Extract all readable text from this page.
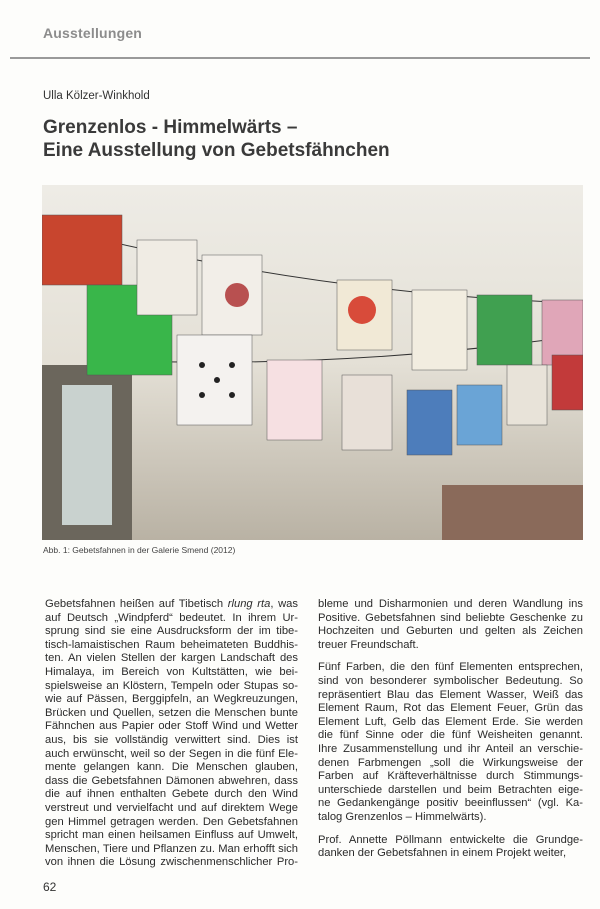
Ausstellungen
Ulla Kölzer-Winkhold
Grenzenlos - Himmelwärts –
Eine Ausstellung von Gebetsfähnchen
Abb. 1: Gebetsfahnen in der Galerie Smend (2012)
Gebetsfahnen heißen auf Tibetisch rlung rta, was
auf Deutsch „Windpferd“ bedeutet. In ihrem Ur-
sprung sind sie eine Ausdrucksform der im tibe-
tisch-lamaistischen Raum beheimateten Buddhis-
ten. An vielen Stellen der kargen Landschaft des
Himalaya, im Bereich von Kultstätten, wie bei-
spielsweise an Klöstern, Tempeln oder Stupas so-
wie auf Pässen, Berggipfeln, an Wegkreuzungen,
Brücken und Quellen, setzen die Menschen bunte
Fähnchen aus Papier oder Stoff Wind und Wetter
aus, bis sie vollständig verwittert sind. Dies ist
auch erwünscht, weil so der Segen in die fünf Ele-
mente gelangen kann. Die Menschen glauben,
dass die Gebetsfahnen Dämonen abwehren, dass
die auf ihnen enthalten Gebete durch den Wind
verstreut und vervielfacht und auf direktem Wege
gen Himmel getragen werden. Den Gebetsfahnen
spricht man einen heilsamen Einfluss auf Umwelt,
Menschen, Tiere und Pflanzen zu. Man erhofft sich
von ihnen die Lösung zwischenmenschlicher Pro-
bleme und Disharmonien und deren Wandlung ins
Positive. Gebetsfahnen sind beliebte Geschenke zu
Hochzeiten und Geburten und gelten als Zeichen
treuer Freundschaft.
Fünf Farben, die den fünf Elementen entsprechen,
sind von besonderer symbolischer Bedeutung. So
repräsentiert Blau das Element Wasser, Weiß das
Element Raum, Rot das Element Feuer, Grün das
Element Luft, Gelb das Element Erde. Sie werden
die fünf Sinne oder die fünf Weisheiten genannt.
Ihre Zusammenstellung und ihr Anteil an verschie-
denen Farbmengen „soll die Wirkungsweise der
Farben auf Kräfteverhältnisse durch Stimmungs-
unterschiede darstellen und beim Betrachten eige-
ne Gedankengänge positiv beeinflussen“ (vgl. Ka-
talog Grenzenlos – Himmelwärts).
Prof. Annette Pöllmann entwickelte die Grundge-
danken der Gebetsfahnen in einem Projekt weiter,
62
